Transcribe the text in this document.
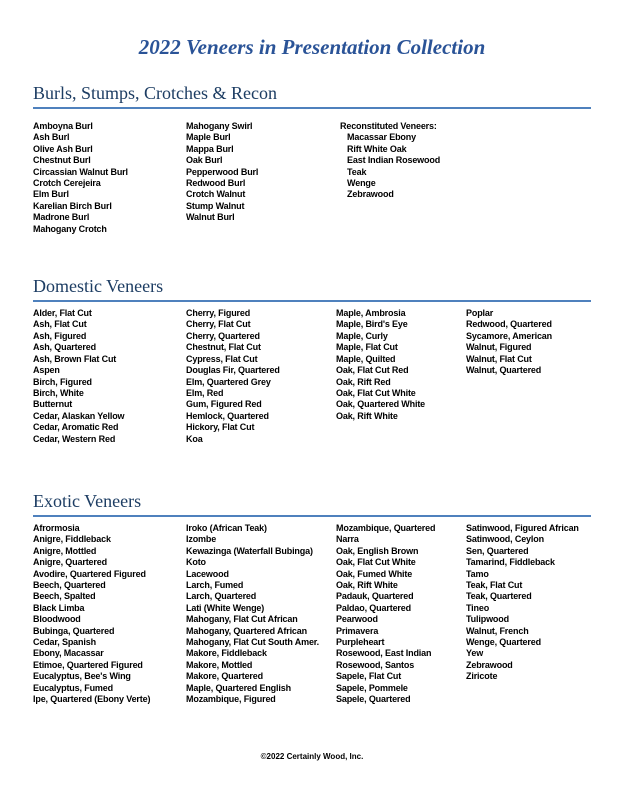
2022 Veneers in Presentation Collection
Burls, Stumps, Crotches & Recon
Amboyna Burl
Ash Burl
Olive Ash Burl
Chestnut Burl
Circassian Walnut Burl
Crotch Cerejeira
Elm Burl
Karelian Birch Burl
Madrone Burl
Mahogany Crotch
Mahogany Swirl
Maple Burl
Mappa Burl
Oak Burl
Pepperwood Burl
Redwood Burl
Crotch Walnut
Stump Walnut
Walnut Burl
Reconstituted Veneers:
Macassar Ebony
Rift White Oak
East Indian Rosewood
Teak
Wenge
Zebrawood
Domestic Veneers
Alder, Flat Cut
Ash, Flat Cut
Ash, Figured
Ash, Quartered
Ash, Brown Flat Cut
Aspen
Birch, Figured
Birch, White
Butternut
Cedar, Alaskan Yellow
Cedar, Aromatic Red
Cedar, Western Red
Cherry, Figured
Cherry, Flat Cut
Cherry, Quartered
Chestnut, Flat Cut
Cypress, Flat Cut
Douglas Fir, Quartered
Elm, Quartered Grey
Elm, Red
Gum, Figured Red
Hemlock, Quartered
Hickory, Flat Cut
Koa
Maple, Ambrosia
Maple, Bird's Eye
Maple, Curly
Maple, Flat Cut
Maple, Quilted
Oak, Flat Cut Red
Oak, Rift Red
Oak, Flat Cut White
Oak, Quartered White
Oak, Rift White
Poplar
Redwood, Quartered
Sycamore, American
Walnut, Figured
Walnut, Flat Cut
Walnut, Quartered
Exotic Veneers
Afrormosia
Anigre, Fiddleback
Anigre, Mottled
Anigre, Quartered
Avodire, Quartered Figured
Beech, Quartered
Beech, Spalted
Black Limba
Bloodwood
Bubinga, Quartered
Cedar, Spanish
Ebony, Macassar
Etimoe, Quartered Figured
Eucalyptus, Bee's Wing
Eucalyptus, Fumed
Ipe, Quartered (Ebony Verte)
Iroko (African Teak)
Izombe
Kewazinga (Waterfall Bubinga)
Koto
Lacewood
Larch, Fumed
Larch, Quartered
Lati (White Wenge)
Mahogany, Flat Cut African
Mahogany, Quartered African
Mahogany, Flat Cut South Amer.
Makore, Fiddleback
Makore, Mottled
Makore, Quartered
Maple, Quartered English
Mozambique, Figured
Mozambique, Quartered
Narra
Oak, English Brown
Oak, Flat Cut White
Oak, Fumed White
Oak, Rift White
Padauk, Quartered
Paldao, Quartered
Pearwood
Primavera
Purpleheart
Rosewood, East Indian
Rosewood, Santos
Sapele, Flat Cut
Sapele, Pommele
Sapele, Quartered
Satinwood, Figured African
Satinwood, Ceylon
Sen, Quartered
Tamarind, Fiddleback
Tamo
Teak, Flat Cut
Teak, Quartered
Tineo
Tulipwood
Walnut, French
Wenge, Quartered
Yew
Zebrawood
Ziricote
©2022 Certainly Wood, Inc.
